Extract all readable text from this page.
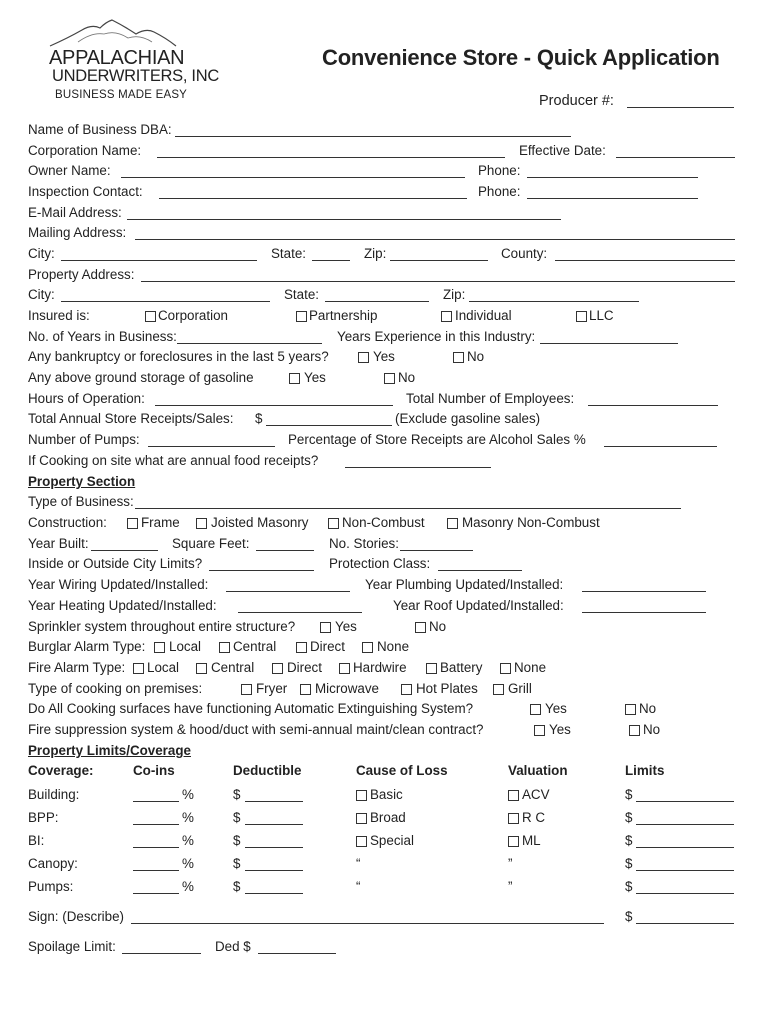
APPALACHIAN
UNDERWRITERS, INC
BUSINESS MADE EASY
Convenience Store - Quick Application
Producer #:
Name of Business DBA:
Corporation Name:	Effective Date:
Owner Name:	Phone:
Inspection Contact:	Phone:
E-Mail Address:
Mailing Address:
City:	State:	Zip:	County:
Property Address:
City:	State:	Zip:
Insured is:	Corporation	Partnership	Individual	LLC
No. of Years in Business:	Years Experience in this Industry:
Any bankruptcy or foreclosures in the last 5 years?	Yes	No
Any above ground storage of gasoline	Yes	No
Hours of Operation:	Total Number of Employees:
Total Annual Store Receipts/Sales: $	(Exclude gasoline sales)
Number of Pumps:	Percentage of Store Receipts are Alcohol Sales %
If Cooking on site what are annual food receipts?
Property Section
Type of Business:
Construction:	Frame Joisted Masonry	Non-Combust	Masonry Non-Combust
Year Built:	Square Feet:	No. Stories:
Inside or Outside City Limits?	Protection Class:
Year Wiring Updated/Installed:	Year Plumbing Updated/Installed:
Year Heating Updated/Installed:	Year Roof Updated/Installed:
Sprinkler system throughout entire structure?	Yes	No
Burglar Alarm Type: Local Central	Direct None
Fire Alarm Type: Local Central Direct Hardwire Battery None
Type of cooking on premises:	Fryer Microwave	Hot Plates Grill
Do All Cooking surfaces have functioning Automatic Extinguishing System?	Yes	No
Fire suppression system & hood/duct with semi-annual maint/clean contract?	Yes	No
Property Limits/Coverage
Coverage:	Co-ins	Deductible	Cause of Loss	Valuation	Limits
Building:	%	$	Basic	ACV	$
BPP:	%	$	Broad	R C	$
BI:	%	$	Special	ML	$
Canopy:	%	$	“	”	$
Pumps:	%	$	“	”	$
Sign: (Describe)	$
Spoilage Limit:	Ded $
